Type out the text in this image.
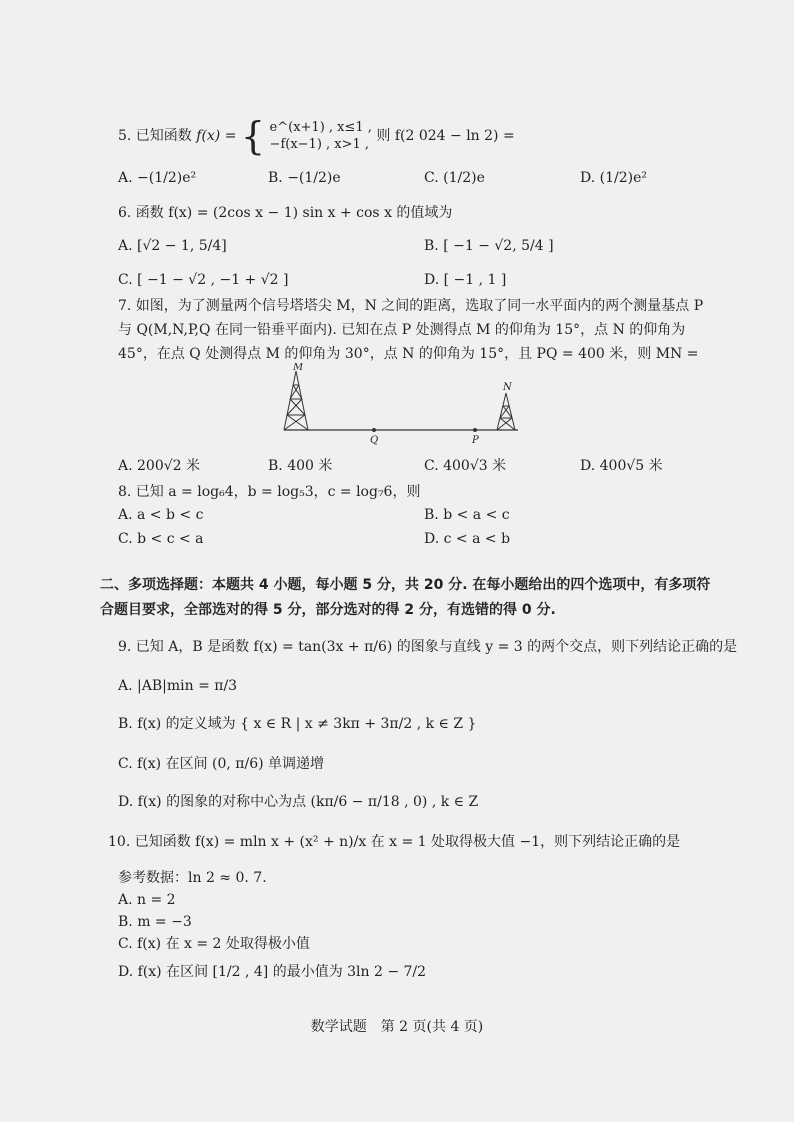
5. 已知函数 f(x) = { e^(x+1) , x≤1 ,
−f(x−1) , x>1 , 则 f(2 024 − ln 2) =
A. −(1/2)e²	B. −(1/2)e	C. (1/2)e	D. (1/2)e²
6. 函数 f(x) = (2cos x − 1) sin x + cos x 的值域为
A. [√2 − 1, 5/4]	B. [ −1 − √2, 5/4 ]
C. [ −1 − √2 , −1 + √2 ]	D. [ −1 , 1 ]
7. 如图，为了测量两个信号塔塔尖 M，N 之间的距离，选取了同一水平面内的两个测量基点 P
与 Q(M,N,P,Q 在同一铅垂平面内). 已知在点 P 处测得点 M 的仰角为 15°，点 N 的仰角为
45°，在点 Q 处测得点 M 的仰角为 30°，点 N 的仰角为 15°，且 PQ = 400 米，则 MN =
M
N
Q	P
A. 200√2 米	B. 400 米	C. 400√3 米	D. 400√5 米
8. 已知 a = log₆4，b = log₅3，c = log₇6，则
A. a < b < c	B. b < a < c
C. b < c < a	D. c < a < b
二、多项选择题：本题共 4 小题，每小题 5 分，共 20 分. 在每小题给出的四个选项中，有多项符
合题目要求，全部选对的得 5 分，部分选对的得 2 分，有选错的得 0 分.
9. 已知 A，B 是函数 f(x) = tan(3x + π/6) 的图象与直线 y = 3 的两个交点，则下列结论正确的是
A. |AB|min = π/3
B. f(x) 的定义域为 { x ∈ R | x ≠ 3kπ + 3π/2 , k ∈ Z }
C. f(x) 在区间 (0, π/6) 单调递增
D. f(x) 的图象的对称中心为点 (kπ/6 − π/18 , 0) , k ∈ Z
10. 已知函数 f(x) = mln x + (x² + n)/x 在 x = 1 处取得极大值 −1，则下列结论正确的是
参考数据：ln 2 ≈ 0. 7.
A. n = 2
B. m = −3
C. f(x) 在 x = 2 处取得极小值
D. f(x) 在区间 [1/2 , 4] 的最小值为 3ln 2 − 7/2
数学试题　第 2 页(共 4 页)
